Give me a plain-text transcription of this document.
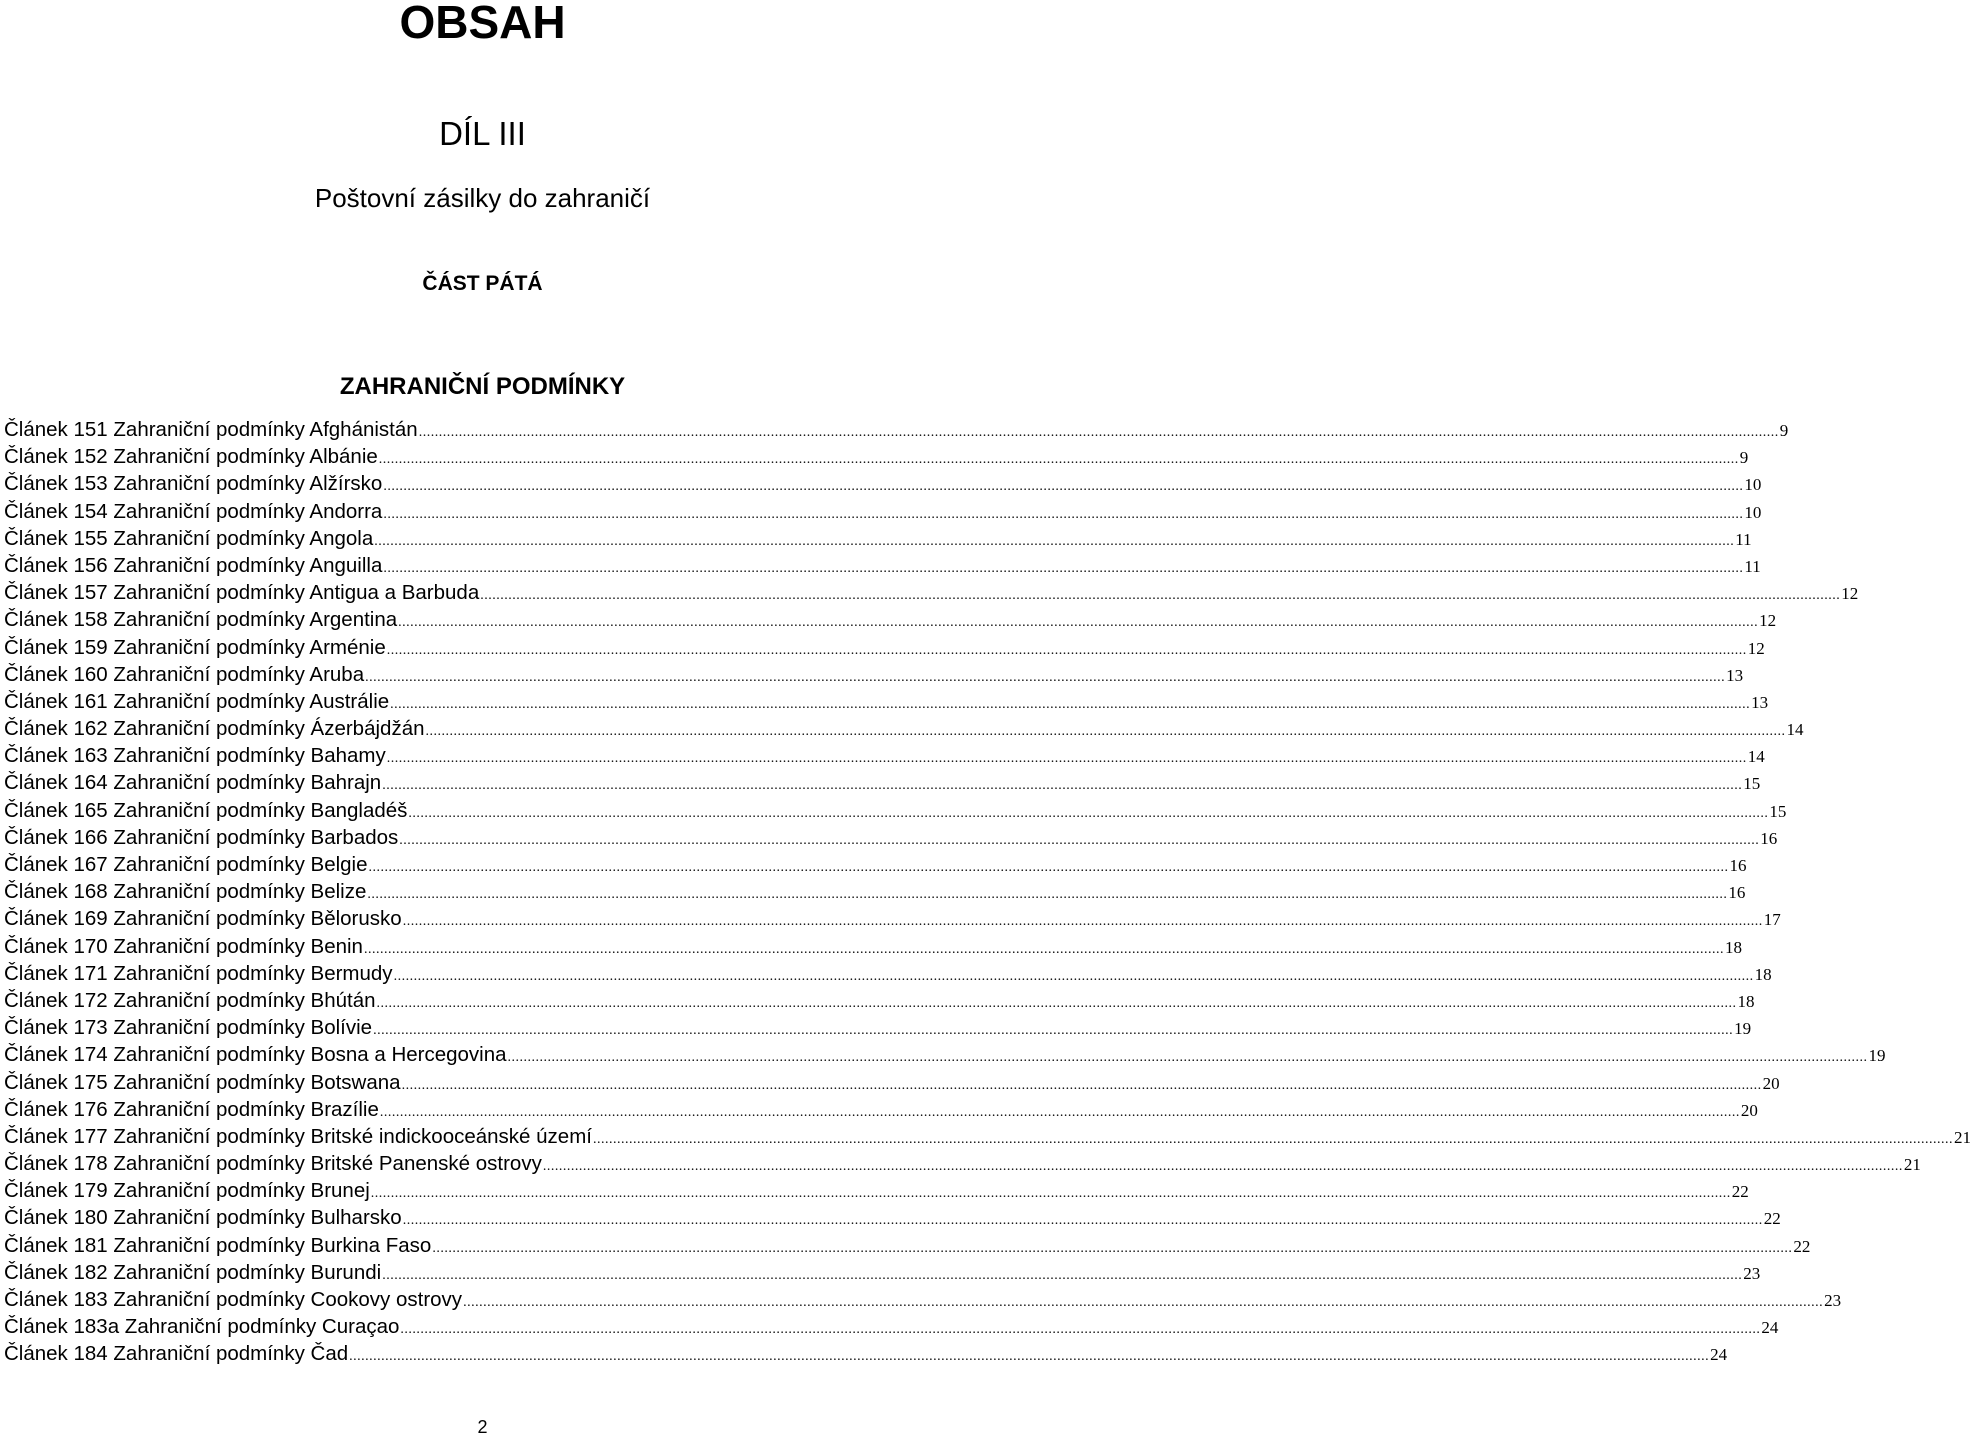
OBSAH
DÍL III
Poštovní zásilky do zahraničí
ČÁST PÁTÁ
ZAHRANIČNÍ PODMÍNKY
Článek 151 Zahraniční podmínky Afghánistán .....	9
Článek 152 Zahraniční podmínky Albánie .....	9
Článek 153 Zahraniční podmínky Alžírsko .....	10
Článek 154 Zahraniční podmínky Andorra .....	10
Článek 155 Zahraniční podmínky Angola .....	11
Článek 156 Zahraniční podmínky Anguilla .....	11
Článek 157 Zahraniční podmínky Antigua a Barbuda .....	12
Článek 158 Zahraniční podmínky Argentina .....	12
Článek 159 Zahraniční podmínky Arménie .....	12
Článek 160 Zahraniční podmínky Aruba .....	13
Článek 161 Zahraniční podmínky Austrálie .....	13
Článek 162 Zahraniční podmínky Ázerbájdžán .....	14
Článek 163 Zahraniční podmínky Bahamy .....	14
Článek 164 Zahraniční podmínky Bahrajn .....	15
Článek 165 Zahraniční podmínky Bangladéš .....	15
Článek 166 Zahraniční podmínky Barbados .....	16
Článek 167 Zahraniční podmínky Belgie .....	16
Článek 168 Zahraniční podmínky Belize .....	16
Článek 169 Zahraniční podmínky Bělorusko .....	17
Článek 170 Zahraniční podmínky Benin .....	18
Článek 171 Zahraniční podmínky Bermudy .....	18
Článek 172 Zahraniční podmínky Bhútán .....	18
Článek 173 Zahraniční podmínky Bolívie .....	19
Článek 174 Zahraniční podmínky Bosna a Hercegovina .....	19
Článek 175 Zahraniční podmínky Botswana .....	20
Článek 176 Zahraniční podmínky Brazílie .....	20
Článek 177 Zahraniční podmínky Britské indickooceánské území .....	21
Článek 178 Zahraniční podmínky Britské Panenské ostrovy .....	21
Článek 179 Zahraniční podmínky Brunej .....	22
Článek 180 Zahraniční podmínky Bulharsko .....	22
Článek 181 Zahraniční podmínky Burkina Faso .....	22
Článek 182 Zahraniční podmínky Burundi .....	23
Článek 183 Zahraniční podmínky Cookovy ostrovy .....	23
Článek 183a Zahraniční podmínky Curaçao .....	24
Článek 184 Zahraniční podmínky Čad .....	24
2
